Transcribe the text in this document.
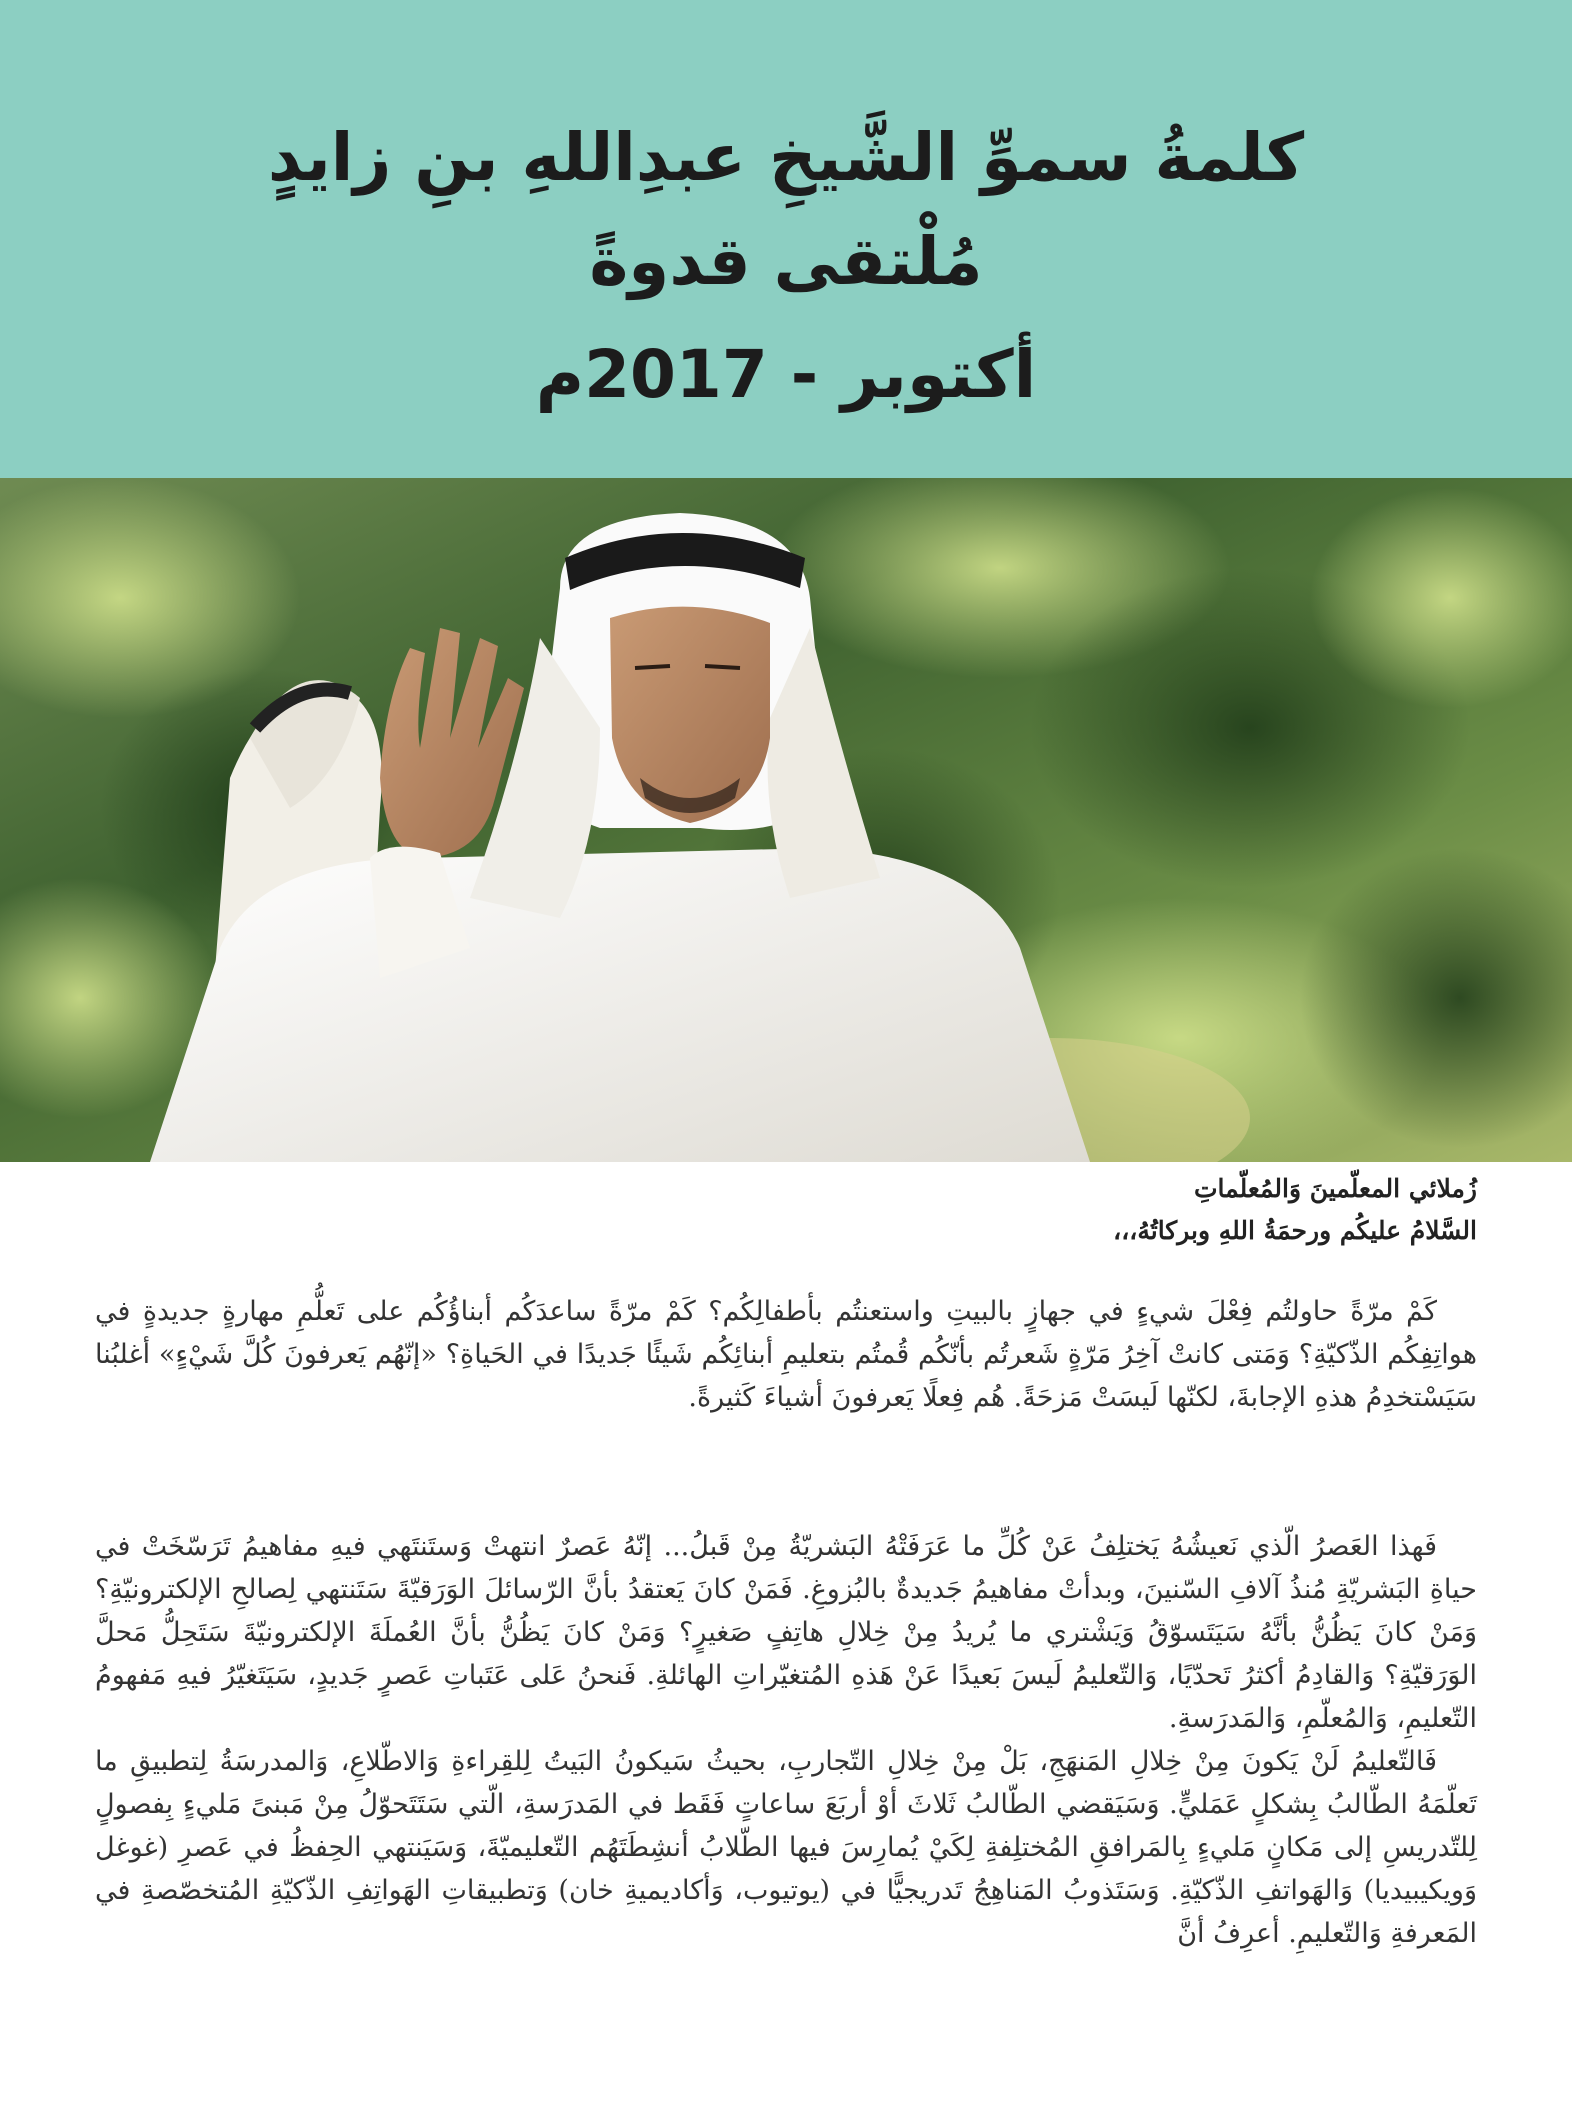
كلمةُ سموِّ الشَّيخِ عبدِاللهِ بنِ زايدٍ
مُلْتقى قدوةً
أكتوبر - 2017م
زُملائي المعلّمينَ وَالمُعلّماتِ
السَّلامُ عليكُم ورحمَةُ اللهِ وبركاتُهُ،،،

كَمْ مرّةً حاولتُم فِعْلَ شيءٍ في جهازٍ بالبيتِ واستعنتُم بأطفالِكُم؟ كَمْ مرّةً ساعدَكُم أبناؤُكُم على تَعلُّمِ مهارةٍ جديدةٍ في هواتِفِكُم الذّكيّةِ؟ وَمَتى كانتْ آخِرُ مَرّةٍ شَعرتُم بأنّكُم قُمتُم بتعليمِ أبنائِكُم شَيئًا جَديدًا في الحَياةِ؟ «إنّهُم يَعرفونَ كُلَّ شَيْءٍ» أغلبُنا سَيَسْتخدِمُ هذهِ الإجابةَ، لكنّها لَيسَتْ مَزحَةً. هُم فِعلًا يَعرفونَ أشياءَ كَثيرةً.

فَهذا العَصرُ الّذي نَعيشُهُ يَختلِفُ عَنْ كُلِّ ما عَرَفَتْهُ البَشريّةُ مِنْ قَبلُ... إنّهُ عَصرٌ انتهتْ وَستَنتَهي فيهِ مفاهيمُ تَرَسّخَتْ في حياةِ البَشريّةِ مُنذُ آلافِ السّنينَ، وبدأتْ مفاهيمُ جَديدةٌ بالبُزوغِ. فَمَنْ كانَ يَعتقدُ بأنَّ الرّسائلَ الوَرَقيّةَ سَتَنتهي لِصالحِ الإلكترونيّةِ؟ وَمَنْ كانَ يَظُنُّ بأنَّهُ سَيَتَسوّقُ وَيَشْتري ما يُريدُ مِنْ خِلالِ هاتِفٍ صَغيرٍ؟ وَمَنْ كانَ يَظُنُّ بأنَّ العُملَةَ الإلكترونيّةَ سَتَحِلُّ مَحلَّ الوَرَقيّةِ؟ وَالقادِمُ أكثرُ تَحدّيًا، وَالتّعليمُ لَيسَ بَعيدًا عَنْ هَذهِ المُتغيّراتِ الهائلةِ. فَنحنُ عَلى عَتَباتِ عَصرٍ جَديدٍ، سَيَتَغيّرُ فيهِ مَفهومُ التّعليمِ، وَالمُعلّمِ، وَالمَدرَسةِ.

فَالتّعليمُ لَنْ يَكونَ مِنْ خِلالِ المَنهَجِ، بَلْ مِنْ خِلالِ التّجاربِ، بحيثُ سَيكونُ البَيتُ لِلقِراءةِ وَالاطّلاعِ، وَالمدرسَةُ لِتطبيقِ ما تَعلّمَهُ الطّالبُ بِشكلٍ عَمَليٍّ. وَسَيَقضي الطّالبُ ثَلاثَ أوْ أربَعَ ساعاتٍ فَقَط في المَدرَسةِ، الّتي سَتَتَحوّلُ مِنْ مَبنىً مَليءٍ بِفصولٍ لِلتّدريسِ إلى مَكانٍ مَليءٍ بِالمَرافقِ المُختلِفةِ لِكَيْ يُمارِسَ فيها الطّلابُ أنشِطَتَهُم التّعليميّةَ، وَسَيَنتهي الحِفظُ في عَصرِ (غوغل وَويكيبيديا) وَالهَواتفِ الذّكيّةِ. وَسَتَذوبُ المَناهِجُ تَدريجيًّا في (يوتيوب، وَأكاديميةِ خان) وَتطبيقاتِ الهَواتِفِ الذّكيّةِ المُتخصّصةِ في المَعرفةِ وَالتّعليمِ. أعرِفُ أنَّ
